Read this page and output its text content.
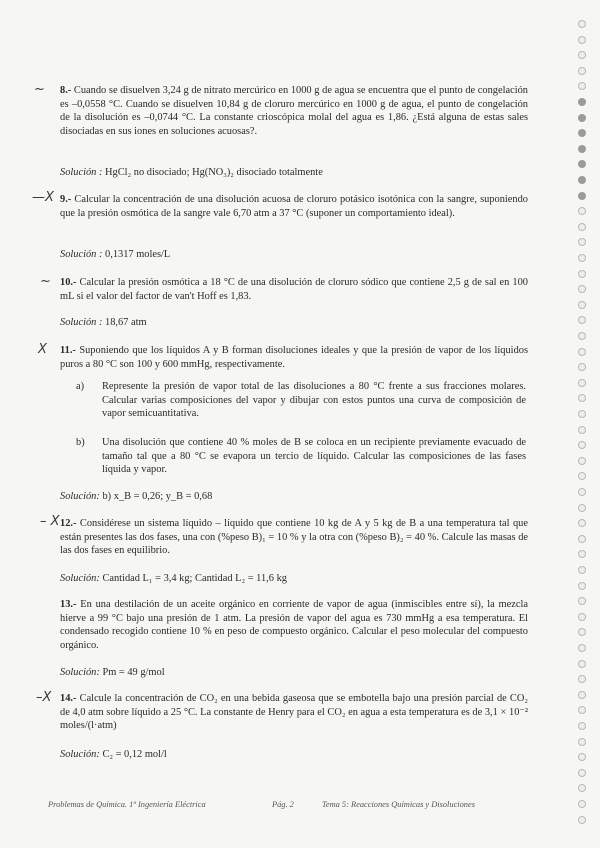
~ 8.- Cuando se disuelven 3,24 g de nitrato mercúrico en 1000 g de agua se encuentra que el punto de congelación es –0,0558 °C. Cuando se disuelven 10,84 g de cloruro mercúrico en 1000 g de agua, el punto de congelación de la disolución es –0,0744 °C. La constante crioscópica molal del agua es 1,86. ¿Está alguna de estas sales disociadas en sus iones en soluciones acuosas?.
Solución : HgCl₂ no disociado; Hg(NO₃)₂ disociado totalmente
—X 9.- Calcular la concentración de una disolución acuosa de cloruro potásico isotónica con la sangre, suponiendo que la presión osmótica de la sangre vale 6,70 atm a 37 °C (suponer un comportamiento ideal).
Solución : 0,1317 moles/L
~ 10.- Calcular la presión osmótica a 18 °C de una disolución de cloruro sódico que contiene 2,5 g de sal en 100 mL si el valor del factor de van't Hoff es 1,83.
Solución : 18,67 atm
X 11.- Suponiendo que los líquidos A y B forman disoluciones ideales y que la presión de vapor de los líquidos puros a 80 °C son 100 y 600 mmHg, respectivamente.
a) Represente la presión de vapor total de las disoluciones a 80 °C frente a sus fracciones molares. Calcular varias composiciones del vapor y dibujar con estos puntos una curva de composición de vapor semicuantitativa.
b) Una disolución que contiene 40 % moles de B se coloca en un recipiente previamente evacuado de tamaño tal que a 80 °C se evapora un tercio de líquido. Calcular las composiciones de las fases líquida y vapor.
Solución: b) x_B = 0,26; y_B = 0,68
– X 12.- Considérese un sistema líquido – líquido que contiene 10 kg de A y 5 kg de B a una temperatura tal que están presentes las dos fases, una con (%peso B)₁ = 10 % y la otra con (%peso B)₂ = 40 %. Calcule las masas de las dos fases en equilibrio.
Solución: Cantidad L₁ = 3,4 kg; Cantidad L₂ = 11,6 kg
13.- En una destilación de un aceite orgánico en corriente de vapor de agua (inmiscibles entre sí), la mezcla hierve a 99 °C bajo una presión de 1 atm. La presión de vapor del agua es 730 mmHg a esa temperatura. El condensado recogido contiene 10 % en peso de compuesto orgánico. Calcular el peso molecular del compuesto orgánico.
Solución: Pm = 49 g/mol
–X 14.- Calcule la concentración de CO₂ en una bebida gaseosa que se embotella bajo una presión parcial de CO₂ de 4,0 atm sobre líquido a 25 °C. La constante de Henry para el CO₂ en agua a esta temperatura es de 3,1 × 10⁻² moles/(l·atm)
Solución: C₂ = 0,12 mol/l
Problemas de Química. 1º Ingeniería Eléctrica	Pág. 2	Tema 5: Reacciones Químicas y Disoluciones
